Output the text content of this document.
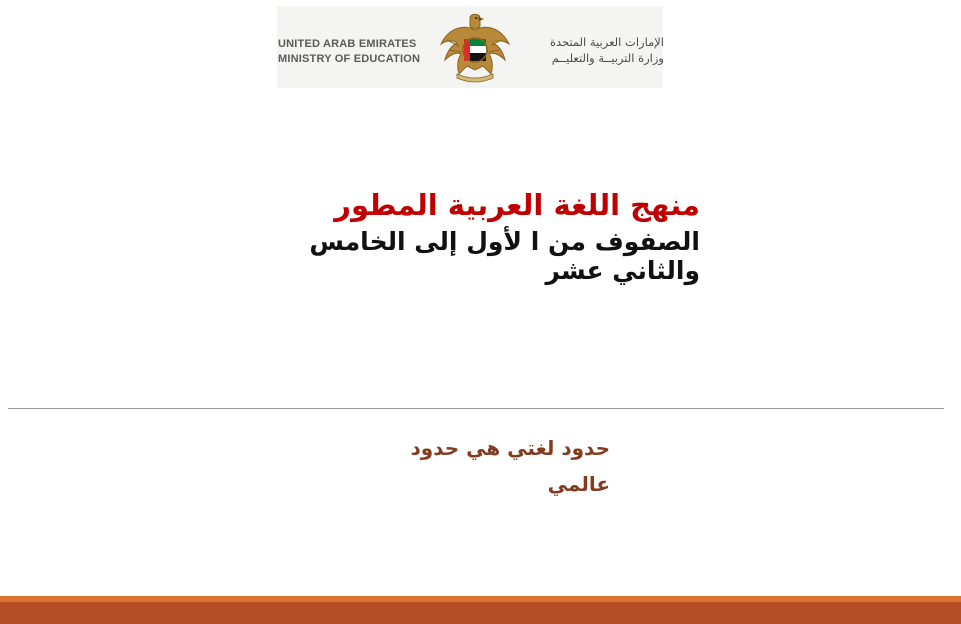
UNITED ARAB EMIRATES
MINISTRY OF EDUCATION
الإمارات العربية المتحدة
وزارة التربيــة والتعليــم
منهج اللغة العربية المطور
الصفوف من ا لأول إلى الخامس والثاني عشر
حدود لغتي هي حدود عالمي
